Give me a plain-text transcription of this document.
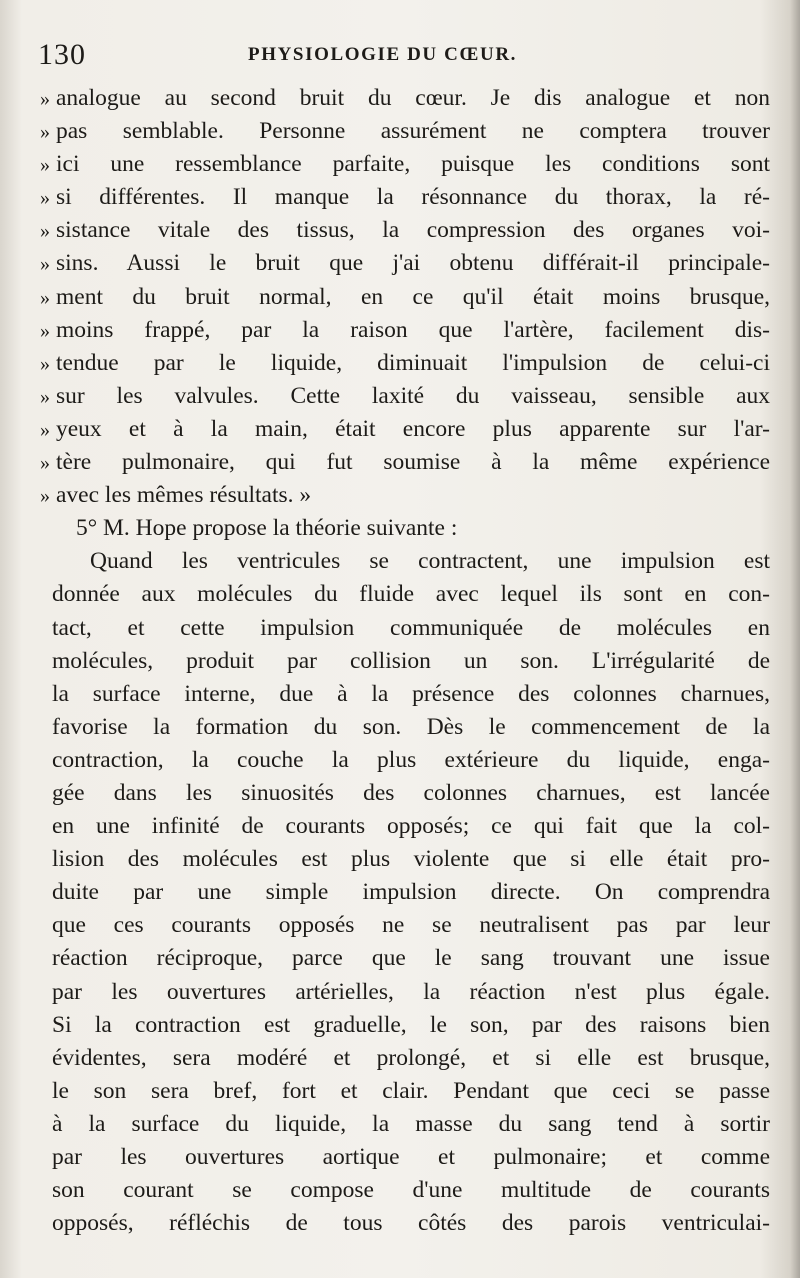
130	PHYSIOLOGIE DU CŒUR.
» analogue au second bruit du cœur. Je dis analogue et non
» pas semblable. Personne assurément ne comptera trouver
» ici une ressemblance parfaite, puisque les conditions sont
» si différentes. Il manque la résonnance du thorax, la ré-
» sistance vitale des tissus, la compression des organes voi-
» sins. Aussi le bruit que j'ai obtenu différait-il principale-
» ment du bruit normal, en ce qu'il était moins brusque,
» moins frappé, par la raison que l'artère, facilement dis-
» tendue par le liquide, diminuait l'impulsion de celui-ci
» sur les valvules. Cette laxité du vaisseau, sensible aux
» yeux et à la main, était encore plus apparente sur l'ar-
» tère pulmonaire, qui fut soumise à la même expérience
» avec les mêmes résultats. »
5° M. Hope propose la théorie suivante :
Quand les ventricules se contractent, une impulsion est
donnée aux molécules du fluide avec lequel ils sont en con-
tact, et cette impulsion communiquée de molécules en
molécules, produit par collision un son. L'irrégularité de
la surface interne, due à la présence des colonnes charnues,
favorise la formation du son. Dès le commencement de la
contraction, la couche la plus extérieure du liquide, enga-
gée dans les sinuosités des colonnes charnues, est lancée
en une infinité de courants opposés; ce qui fait que la col-
lision des molécules est plus violente que si elle était pro-
duite par une simple impulsion directe. On comprendra
que ces courants opposés ne se neutralisent pas par leur
réaction réciproque, parce que le sang trouvant une issue
par les ouvertures artérielles, la réaction n'est plus égale.
Si la contraction est graduelle, le son, par des raisons bien
évidentes, sera modéré et prolongé, et si elle est brusque,
le son sera bref, fort et clair. Pendant que ceci se passe
à la surface du liquide, la masse du sang tend à sortir
par les ouvertures aortique et pulmonaire; et comme
son courant se compose d'une multitude de courants
opposés, réfléchis de tous côtés des parois ventriculai-
